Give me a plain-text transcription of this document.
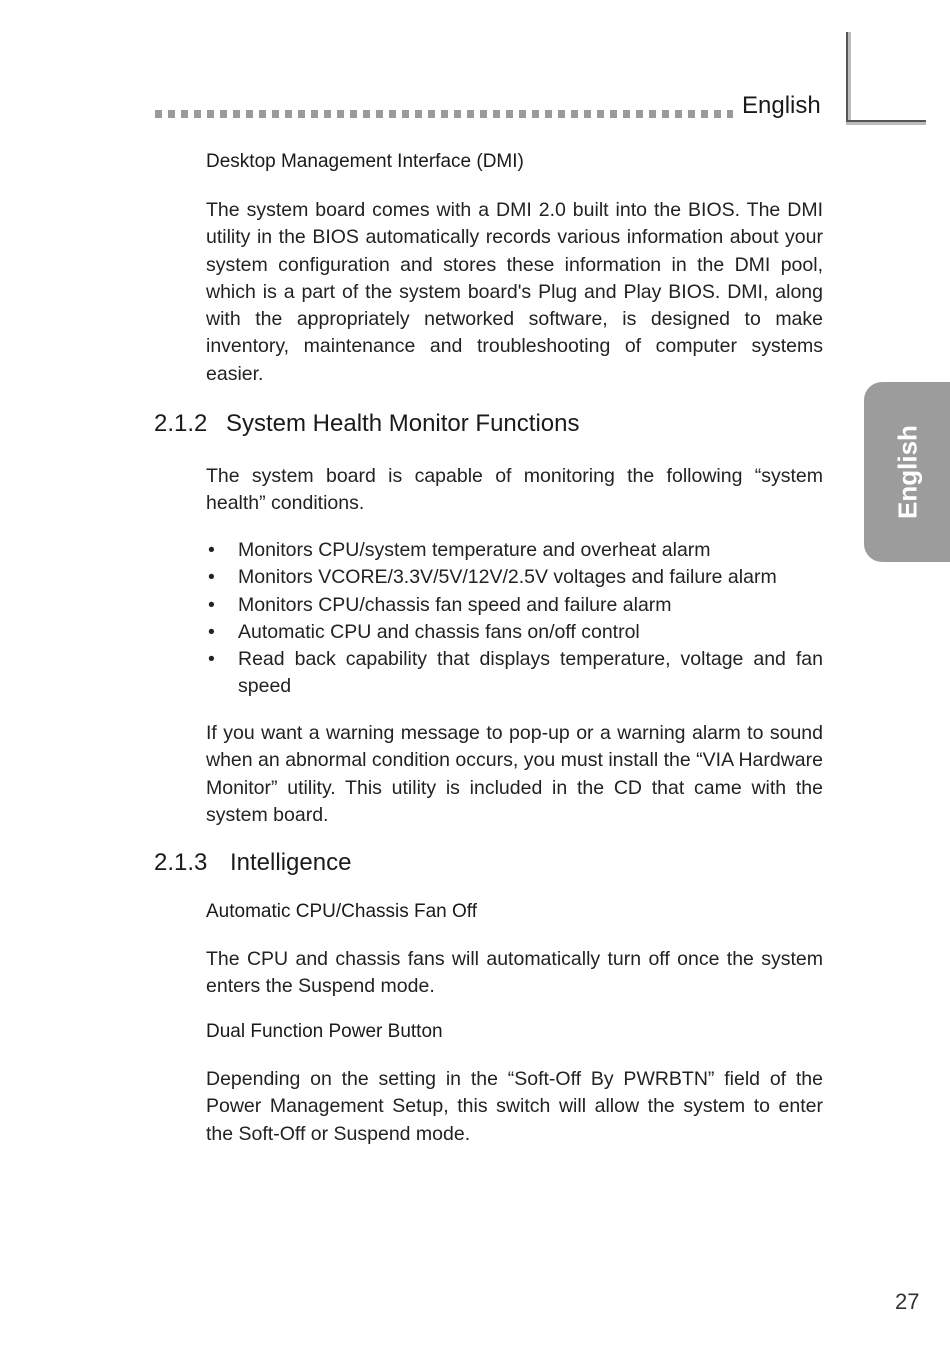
English
English
Desktop Management Interface (DMI)

The system board comes with a DMI 2.0 built into the BIOS. The DMI utility in the BIOS automatically records various information about your system configuration and stores these information in the DMI pool, which is a part of the system board's Plug and Play BIOS. DMI, along with the appropriately networked software, is designed to make inventory, maintenance and troubleshooting of computer systems easier.

2.1.2 System Health Monitor Functions

The system board is capable of monitoring the following “system health” conditions.

• Monitors CPU/system temperature and overheat alarm
• Monitors VCORE/3.3V/5V/12V/2.5V voltages and failure alarm
• Monitors CPU/chassis fan speed and failure alarm
• Automatic CPU and chassis fans on/off control
• Read back capability that displays temperature, voltage and fan speed

If you want a warning message to pop-up or a warning alarm to sound when an abnormal condition occurs, you must install the “VIA Hardware Monitor” utility. This utility is included in the CD that came with the system board.

2.1.3 Intelligence
Automatic CPU/Chassis Fan Off

The CPU and chassis fans will automatically turn off once the system enters the Suspend mode.

Dual Function Power Button

Depending on the setting in the “Soft-Off By PWRBTN” field of the Power Management Setup, this switch will allow the system to enter the Soft-Off or Suspend mode.

27
